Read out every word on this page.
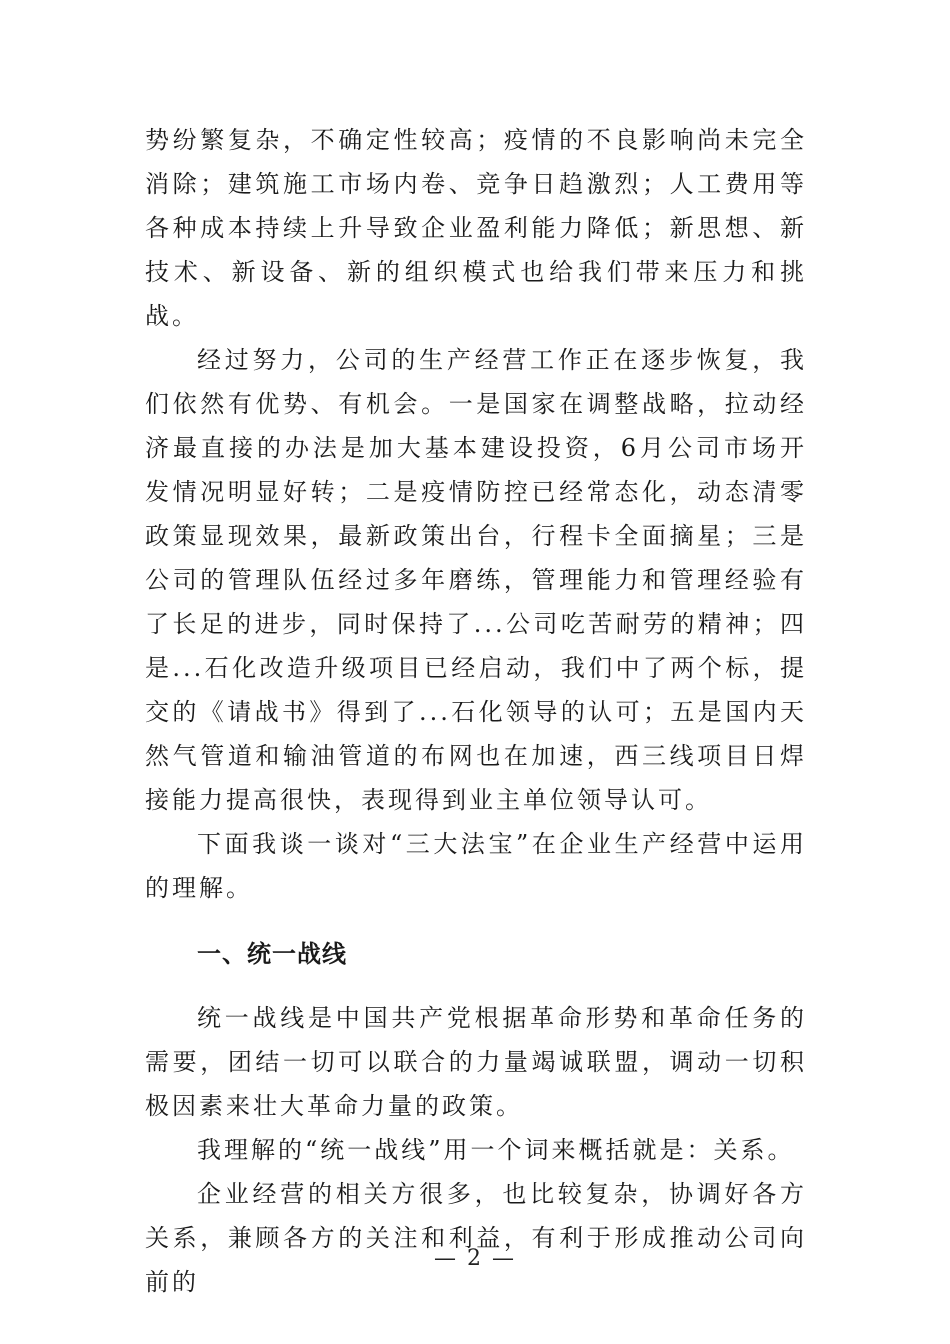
势纷繁复杂，不确定性较高；疫情的不良影响尚未完全消除；建筑施工市场内卷、竞争日趋激烈；人工费用等各种成本持续上升导致企业盈利能力降低；新思想、新技术、新设备、新的组织模式也给我们带来压力和挑战。

经过努力，公司的生产经营工作正在逐步恢复，我们依然有优势、有机会。一是国家在调整战略，拉动经济最直接的办法是加大基本建设投资，6月公司市场开发情况明显好转；二是疫情防控已经常态化，动态清零政策显现效果，最新政策出台，行程卡全面摘星；三是公司的管理队伍经过多年磨练，管理能力和管理经验有了长足的进步，同时保持了...公司吃苦耐劳的精神；四是...石化改造升级项目已经启动，我们中了两个标，提交的《请战书》得到了...石化领导的认可；五是国内天然气管道和输油管道的布网也在加速，西三线项目日焊接能力提高很快，表现得到业主单位领导认可。

下面我谈一谈对“三大法宝”在企业生产经营中运用的理解。

一、统一战线

统一战线是中国共产党根据革命形势和革命任务的需要，团结一切可以联合的力量竭诚联盟，调动一切积极因素来壮大革命力量的政策。

我理解的“统一战线”用一个词来概括就是：关系。

企业经营的相关方很多，也比较复杂，协调好各方关系，兼顾各方的关注和利益，有利于形成推动公司向前的

— 2 —
